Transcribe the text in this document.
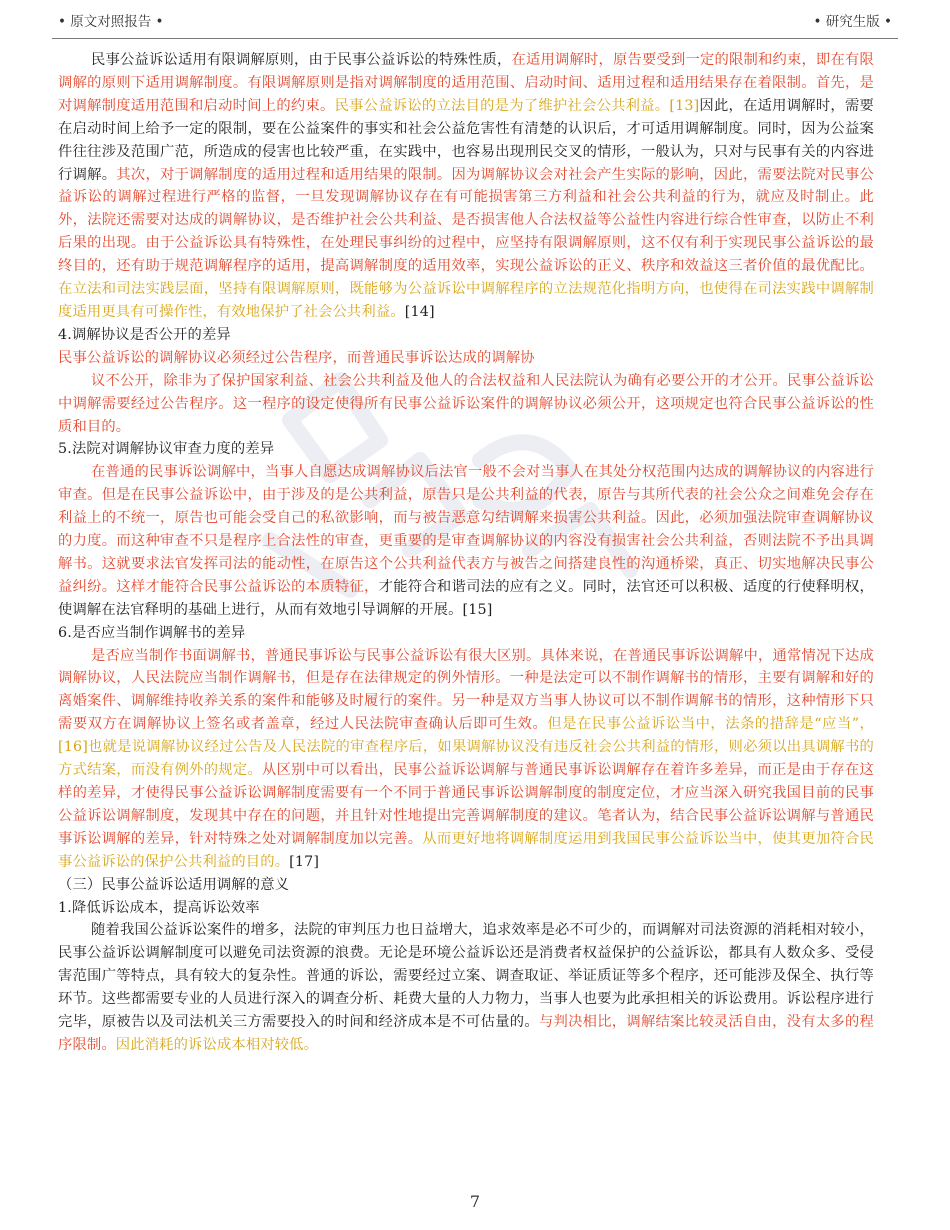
• 原文对照报告 •	• 研究生版 •

民事公益诉讼适用有限调解原则，由于民事公益诉讼的特殊性质，在适用调解时，原告要受到一定的限制和约束，即在有限调解的原则下适用调解制度。有限调解原则是指对调解制度的适用范围、启动时间、适用过程和适用结果存在着限制。首先，是对调解制度适用范围和启动时间上的约束。民事公益诉讼的立法目的是为了维护社会公共利益。[13]因此，在适用调解时，需要在启动时间上给予一定的限制，要在公益案件的事实和社会公益危害性有清楚的认识后，才可适用调解制度。同时，因为公益案件往往涉及范围广范，所造成的侵害也比较严重，在实践中，也容易出现刑民交叉的情形，一般认为，只对与民事有关的内容进行调解。其次，对于调解制度的适用过程和适用结果的限制。因为调解协议会对社会产生实际的影响，因此，需要法院对民事公益诉讼的调解过程进行严格的监督，一旦发现调解协议存在有可能损害第三方利益和社会公共利益的行为，就应及时制止。此外，法院还需要对达成的调解协议，是否维护社会公共利益、是否损害他人合法权益等公益性内容进行综合性审查，以防止不利后果的出现。由于公益诉讼具有特殊性，在处理民事纠纷的过程中，应坚持有限调解原则，这不仅有利于实现民事公益诉讼的最终目的，还有助于规范调解程序的适用，提高调解制度的适用效率，实现公益诉讼的正义、秩序和效益这三者价值的最优配比。在立法和司法实践层面，坚持有限调解原则，既能够为公益诉讼中调解程序的立法规范化指明方向，也使得在司法实践中调解制度适用更具有可操作性，有效地保护了社会公共利益。[14]

4.调解协议是否公开的差异

民事公益诉讼的调解协议必须经过公告程序，而普通民事诉讼达成的调解协

议不公开，除非为了保护国家利益、社会公共利益及他人的合法权益和人民法院认为确有必要公开的才公开。民事公益诉讼中调解需要经过公告程序。这一程序的设定使得所有民事公益诉讼案件的调解协议必须公开，这项规定也符合民事公益诉讼的性质和目的。

5.法院对调解协议审查力度的差异

在普通的民事诉讼调解中，当事人自愿达成调解协议后法官一般不会对当事人在其处分权范围内达成的调解协议的内容进行审查。但是在民事公益诉讼中，由于涉及的是公共利益，原告只是公共利益的代表，原告与其所代表的社会公众之间难免会存在利益上的不统一，原告也可能会受自己的私欲影响，而与被告恶意勾结调解来损害公共利益。因此，必须加强法院审查调解协议的力度。而这种审查不只是程序上合法性的审查，更重要的是审查调解协议的内容没有损害社会公共利益，否则法院不予出具调解书。这就要求法官发挥司法的能动性，在原告这个公共利益代表方与被告之间搭建良性的沟通桥梁，真正、切实地解决民事公益纠纷。这样才能符合民事公益诉讼的本质特征，才能符合和谐司法的应有之义。同时，法官还可以积极、适度的行使释明权，使调解在法官释明的基础上进行，从而有效地引导调解的开展。[15]

6.是否应当制作调解书的差异

是否应当制作书面调解书，普通民事诉讼与民事公益诉讼有很大区别。具体来说，在普通民事诉讼调解中，通常情况下达成调解协议，人民法院应当制作调解书，但是存在法律规定的例外情形。一种是法定可以不制作调解书的情形，主要有调解和好的离婚案件、调解维持收养关系的案件和能够及时履行的案件。另一种是双方当事人协议可以不制作调解书的情形，这种情形下只需要双方在调解协议上签名或者盖章，经过人民法院审查确认后即可生效。但是在民事公益诉讼当中，法条的措辞是“应当”，[16]也就是说调解协议经过公告及人民法院的审查程序后，如果调解协议没有违反社会公共利益的情形，则必须以出具调解书的方式结案，而没有例外的规定。从区别中可以看出，民事公益诉讼调解与普通民事诉讼调解存在着许多差异，而正是由于存在这样的差异，才使得民事公益诉讼调解制度需要有一个不同于普通民事诉讼调解制度的制度定位，才应当深入研究我国目前的民事公益诉讼调解制度，发现其中存在的问题，并且针对性地提出完善调解制度的建议。笔者认为，结合民事公益诉讼调解与普通民事诉讼调解的差异，针对特殊之处对调解制度加以完善。从而更好地将调解制度运用到我国民事公益诉讼当中，使其更加符合民事公益诉讼的保护公共利益的目的。[17]

（三）民事公益诉讼适用调解的意义

1.降低诉讼成本，提高诉讼效率

随着我国公益诉讼案件的增多，法院的审判压力也日益增大，追求效率是必不可少的，而调解对司法资源的消耗相对较小，民事公益诉讼调解制度可以避免司法资源的浪费。无论是环境公益诉讼还是消费者权益保护的公益诉讼，都具有人数众多、受侵害范围广等特点，具有较大的复杂性。普通的诉讼，需要经过立案、调查取证、举证质证等多个程序，还可能涉及保全、执行等环节。这些都需要专业的人员进行深入的调查分析、耗费大量的人力物力，当事人也要为此承担相关的诉讼费用。诉讼程序进行完毕，原被告以及司法机关三方需要投入的时间和经济成本是不可估量的。与判决相比，调解结案比较灵活自由，没有太多的程序限制。因此消耗的诉讼成本相对较低。

7
